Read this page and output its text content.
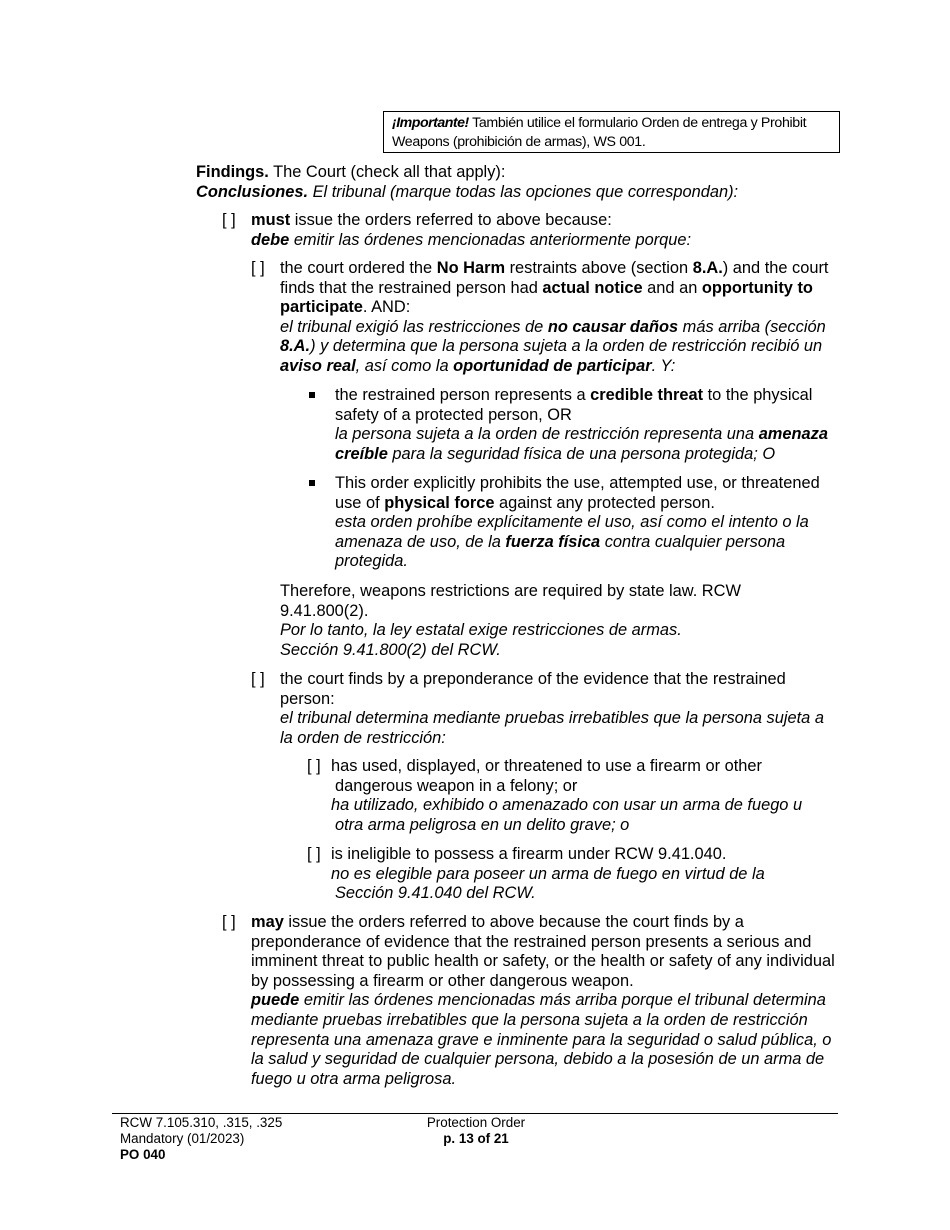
¡Importante! También utilice el formulario Orden de entrega y Prohibit Weapons (prohibición de armas), WS 001.
Findings. The Court (check all that apply):
Conclusiones. El tribunal (marque todas las opciones que correspondan):
[ ] must issue the orders referred to above because:
debe emitir las órdenes mencionadas anteriormente porque:
[ ] the court ordered the No Harm restraints above (section 8.A.) and the court finds that the restrained person had actual notice and an opportunity to participate. AND:
el tribunal exigió las restricciones de no causar daños más arriba (sección 8.A.) y determina que la persona sujeta a la orden de restricción recibió un aviso real, así como la oportunidad de participar. Y:
the restrained person represents a credible threat to the physical safety of a protected person, OR
la persona sujeta a la orden de restricción representa una amenaza creíble para la seguridad física de una persona protegida; O
This order explicitly prohibits the use, attempted use, or threatened use of physical force against any protected person.
esta orden prohíbe explícitamente el uso, así como el intento o la amenaza de uso, de la fuerza física contra cualquier persona protegida.
Therefore, weapons restrictions are required by state law. RCW 9.41.800(2).
Por lo tanto, la ley estatal exige restricciones de armas.
Sección 9.41.800(2) del RCW.
[ ] the court finds by a preponderance of the evidence that the restrained person:
el tribunal determina mediante pruebas irrebatibles que la persona sujeta a la orden de restricción:
[ ] has used, displayed, or threatened to use a firearm or other
dangerous weapon in a felony; or
ha utilizado, exhibido o amenazado con usar un arma de fuego u
otra arma peligrosa en un delito grave; o
[ ] is ineligible to possess a firearm under RCW 9.41.040.
no es elegible para poseer un arma de fuego en virtud de la
Sección 9.41.040 del RCW.
[ ] may issue the orders referred to above because the court finds by a preponderance of evidence that the restrained person presents a serious and imminent threat to public health or safety, or the health or safety of any individual by possessing a firearm or other dangerous weapon.
puede emitir las órdenes mencionadas más arriba porque el tribunal determina mediante pruebas irrebatibles que la persona sujeta a la orden de restricción representa una amenaza grave e inminente para la seguridad o salud pública, o la salud y seguridad de cualquier persona, debido a la posesión de un arma de fuego u otra arma peligrosa.
RCW 7.105.310, .315, .325
Mandatory (01/2023)
PO 040
Protection Order
p. 13 of 21
